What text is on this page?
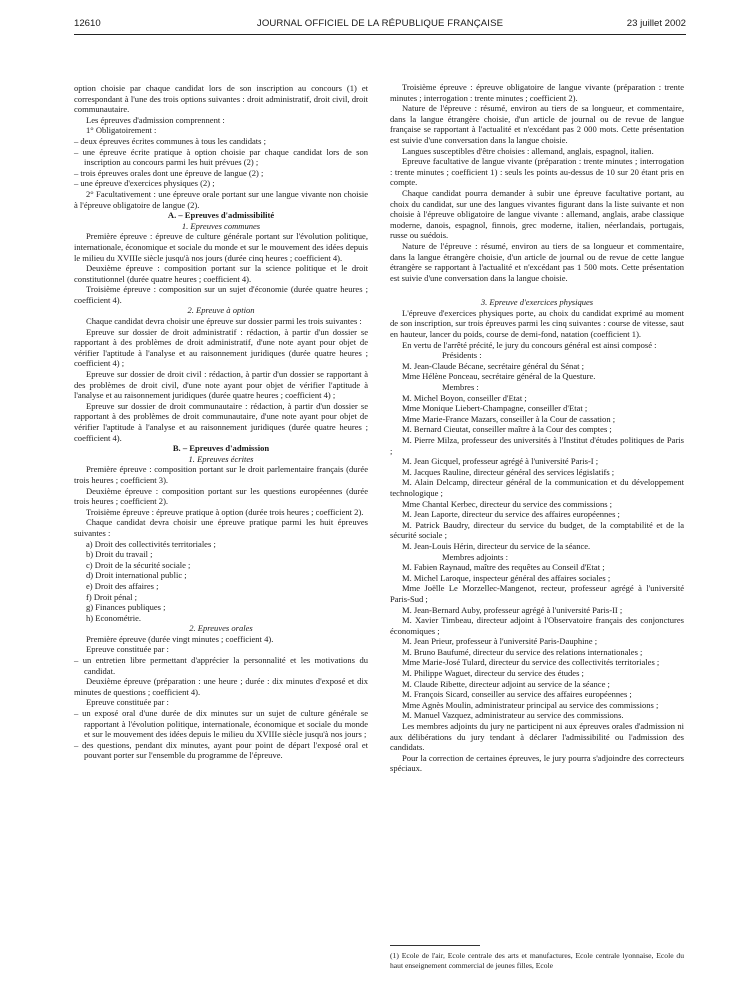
12610	JOURNAL OFFICIEL DE LA RÉPUBLIQUE FRANÇAISE	23 juillet 2002

option choisie par chaque candidat lors de son inscription au concours (1) et correspondant à l'une des trois options suivantes : droit administratif, droit civil, droit communautaire.

Les épreuves d'admission comprennent :

1° Obligatoirement :

– deux épreuves écrites communes à tous les candidats ;

– une épreuve écrite pratique à option choisie par chaque candidat lors de son inscription au concours parmi les huit prévues (2) ;

– trois épreuves orales dont une épreuve de langue (2) ;

– une épreuve d'exercices physiques (2) ;

2° Facultativement : une épreuve orale portant sur une langue vivante non choisie à l'épreuve obligatoire de langue (2).

A. – Epreuves d'admissibilité

1. Epreuves communes

Première épreuve : épreuve de culture générale portant sur l'évolution politique, internationale, économique et sociale du monde et sur le mouvement des idées depuis le milieu du XVIIIe siècle jusqu'à nos jours (durée cinq heures ; coefficient 4).

Deuxième épreuve : composition portant sur la science politique et le droit constitutionnel (durée quatre heures ; coefficient 4).

Troisième épreuve : composition sur un sujet d'économie (durée quatre heures ; coefficient 4).

2. Epreuve à option

Chaque candidat devra choisir une épreuve sur dossier parmi les trois suivantes :

Epreuve sur dossier de droit administratif : rédaction, à partir d'un dossier se rapportant à des problèmes de droit administratif, d'une note ayant pour objet de vérifier l'aptitude à l'analyse et au raisonnement juridiques (durée quatre heures ; coefficient 4) ;

Epreuve sur dossier de droit civil : rédaction, à partir d'un dossier se rapportant à des problèmes de droit civil, d'une note ayant pour objet de vérifier l'aptitude à l'analyse et au raisonnement juridiques (durée quatre heures ; coefficient 4) ;

Epreuve sur dossier de droit communautaire : rédaction, à partir d'un dossier se rapportant à des problèmes de droit communautaire, d'une note ayant pour objet de vérifier l'aptitude à l'analyse et au raisonnement juridiques (durée quatre heures ; coefficient 4).

B. – Epreuves d'admission

1. Epreuves écrites

Première épreuve : composition portant sur le droit parlementaire français (durée trois heures ; coefficient 3).

Deuxième épreuve : composition portant sur les questions européennes (durée trois heures ; coefficient 2).

Troisième épreuve : épreuve pratique à option (durée trois heures ; coefficient 2).

Chaque candidat devra choisir une épreuve pratique parmi les huit épreuves suivantes :

a) Droit des collectivités territoriales ;

b) Droit du travail ;

c) Droit de la sécurité sociale ;

d) Droit international public ;

e) Droit des affaires ;

f) Droit pénal ;

g) Finances publiques ;

h) Econométrie.

2. Epreuves orales

Première épreuve (durée vingt minutes ; coefficient 4).

Epreuve constituée par :

– un entretien libre permettant d'apprécier la personnalité et les motivations du candidat.

Deuxième épreuve (préparation : une heure ; durée : dix minutes d'exposé et dix minutes de questions ; coefficient 4).

Epreuve constituée par :

– un exposé oral d'une durée de dix minutes sur un sujet de culture générale se rapportant à l'évolution politique, internationale, économique et sociale du monde et sur le mouvement des idées depuis le milieu du XVIIIe siècle jusqu'à nos jours ;

– des questions, pendant dix minutes, ayant pour point de départ l'exposé oral et pouvant porter sur l'ensemble du programme de l'épreuve.

Troisième épreuve : épreuve obligatoire de langue vivante (préparation : trente minutes ; interrogation : trente minutes ; coefficient 2).

Nature de l'épreuve : résumé, environ au tiers de sa longueur, et commentaire, dans la langue étrangère choisie, d'un article de journal ou de revue de langue française se rapportant à l'actualité et n'excédant pas 2 000 mots. Cette présentation est suivie d'une conversation dans la langue choisie.

Langues susceptibles d'être choisies : allemand, anglais, espagnol, italien.

Epreuve facultative de langue vivante (préparation : trente minutes ; interrogation : trente minutes ; coefficient 1) : seuls les points au-dessus de 10 sur 20 étant pris en compte.

Chaque candidat pourra demander à subir une épreuve facultative portant, au choix du candidat, sur une des langues vivantes figurant dans la liste suivante et non choisie à l'épreuve obligatoire de langue vivante : allemand, anglais, arabe classique moderne, danois, espagnol, finnois, grec moderne, italien, néerlandais, portugais, russe ou suédois.

Nature de l'épreuve : résumé, environ au tiers de sa longueur et commentaire, dans la langue étrangère choisie, d'un article de journal ou de revue de cette langue étrangère se rapportant à l'actualité et n'excédant pas 1 500 mots. Cette présentation est suivie d'une conversation dans la langue choisie.

3. Epreuve d'exercices physiques

L'épreuve d'exercices physiques porte, au choix du candidat exprimé au moment de son inscription, sur trois épreuves parmi les cinq suivantes : course de vitesse, saut en hauteur, lancer du poids, course de demi-fond, natation (coefficient 1).

En vertu de l'arrêté précité, le jury du concours général est ainsi composé :

Présidents :

M. Jean-Claude Bécane, secrétaire général du Sénat ;

Mme Hélène Ponceau, secrétaire général de la Questure.

Membres :

M. Michel Boyon, conseiller d'Etat ;

Mme Monique Liebert-Champagne, conseiller d'Etat ;

Mme Marie-France Mazars, conseiller à la Cour de cassation ;

M. Bernard Cieutat, conseiller maître à la Cour des comptes ;

M. Pierre Milza, professeur des universités à l'Institut d'études politiques de Paris ;

M. Jean Gicquel, professeur agrégé à l'université Paris-I ;

M. Jacques Rauline, directeur général des services législatifs ;

M. Alain Delcamp, directeur général de la communication et du développement technologique ;

Mme Chantal Kerbec, directeur du service des commissions ;

M. Jean Laporte, directeur du service des affaires européennes ;

M. Patrick Baudry, directeur du service du budget, de la comptabilité et de la sécurité sociale ;

M. Jean-Louis Hérin, directeur du service de la séance.

Membres adjoints :

M. Fabien Raynaud, maître des requêtes au Conseil d'Etat ;

M. Michel Laroque, inspecteur général des affaires sociales ;

Mme Joëlle Le Morzellec-Mangenot, recteur, professeur agrégé à l'université Paris-Sud ;

M. Jean-Bernard Auby, professeur agrégé à l'université Paris-II ;

M. Xavier Timbeau, directeur adjoint à l'Observatoire français des conjonctures économiques ;

M. Jean Prieur, professeur à l'université Paris-Dauphine ;

M. Bruno Baufumé, directeur du service des relations internationales ;

Mme Marie-José Tulard, directeur du service des collectivités territoriales ;

M. Philippe Waguet, directeur du service des études ;

M. Claude Ribette, directeur adjoint au service de la séance ;

M. François Sicard, conseiller au service des affaires européennes ;

Mme Agnès Moulin, administrateur principal au service des commissions ;

M. Manuel Vazquez, administrateur au service des commissions.

Les membres adjoints du jury ne participent ni aux épreuves orales d'admission ni aux délibérations du jury tendant à déclarer l'admissibilité ou l'admission des candidats.

Pour la correction de certaines épreuves, le jury pourra s'adjoindre des correcteurs spéciaux.

(1) Ecole de l'air, Ecole centrale des arts et manufactures, Ecole centrale lyonnaise, Ecole du haut enseignement commercial de jeunes filles, Ecole
